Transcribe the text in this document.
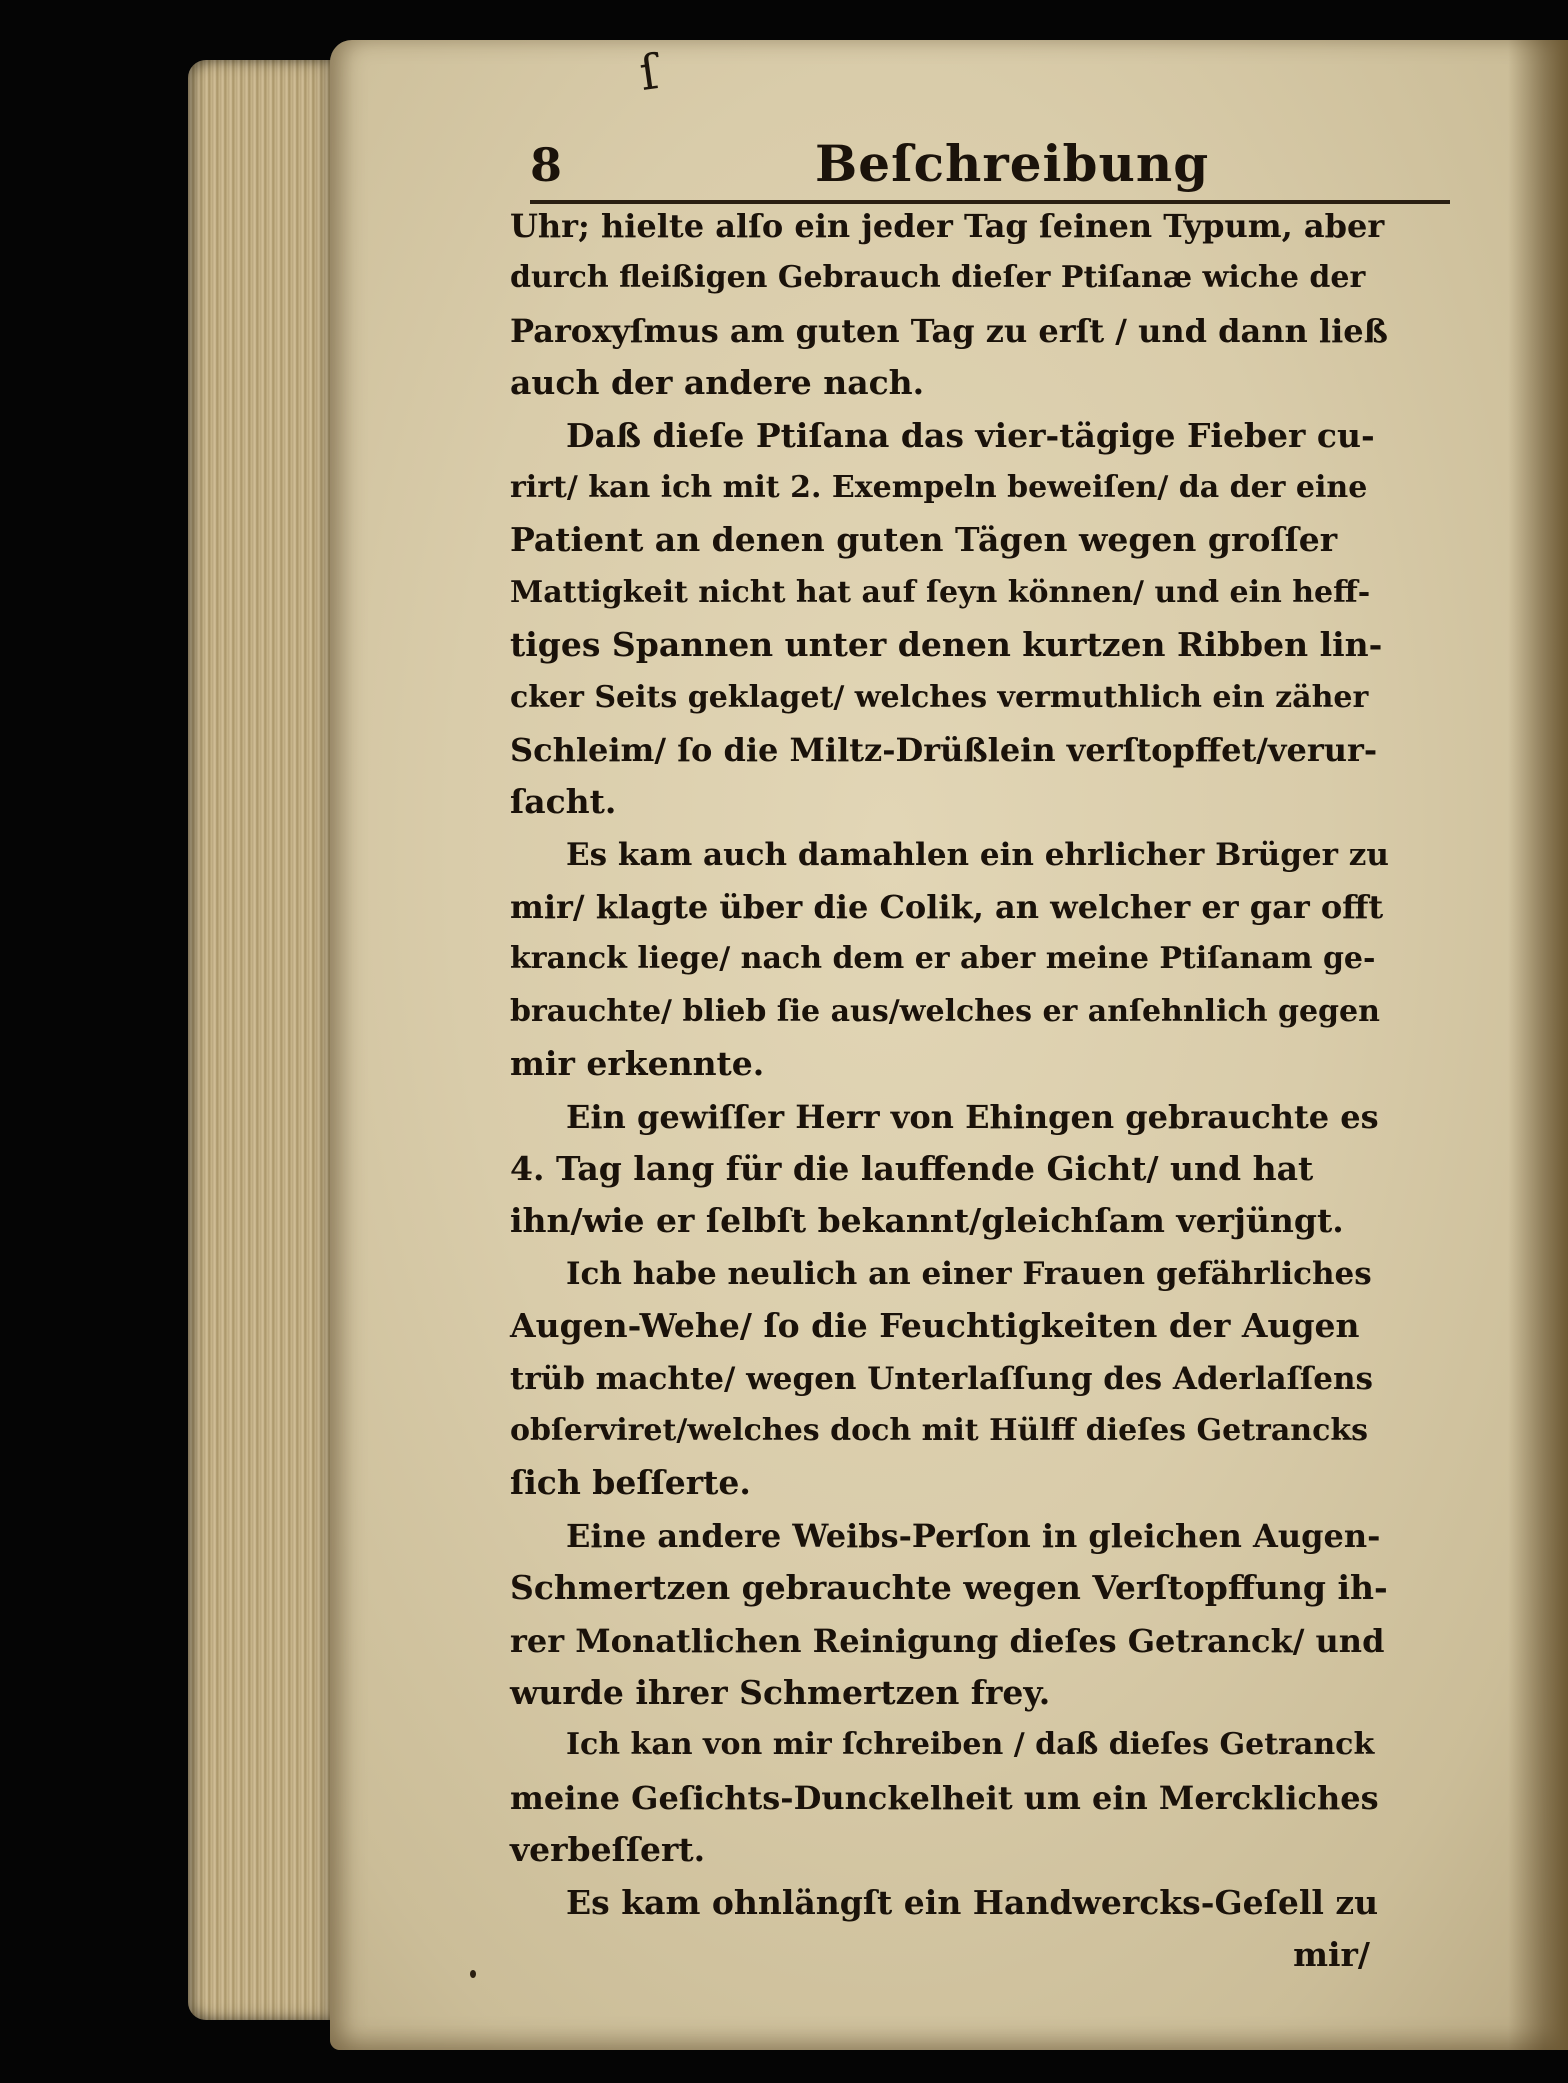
ſ
8	Beſchreibung
Uhr; hielte alſo ein jeder Tag ſeinen Typum, aber
durch fleißigen Gebrauch dieſer Ptiſanæ wiche der
Paroxyſmus am guten Tag zu erſt / und dann ließ
auch der andere nach.
Daß dieſe Ptiſana das vier-tägige Fieber cu-
rirt/ kan ich mit 2. Exempeln beweiſen/ da der eine
Patient an denen guten Tägen wegen groſſer
Mattigkeit nicht hat auf ſeyn können/ und ein heff-
tiges Spannen unter denen kurtzen Ribben lin-
cker Seits geklaget/ welches vermuthlich ein zäher
Schleim/ ſo die Miltz-Drüßlein verſtopffet/verur-
ſacht.
Es kam auch damahlen ein ehrlicher Brüger zu
mir/ klagte über die Colik, an welcher er gar offt
kranck liege/ nach dem er aber meine Ptiſanam ge-
brauchte/ blieb ſie aus/welches er anſehnlich gegen
mir erkennte.
Ein gewiſſer Herr von Ehingen gebrauchte es
4. Tag lang für die lauffende Gicht/ und hat
ihn/wie er ſelbſt bekannt/gleichſam verjüngt.
Ich habe neulich an einer Frauen gefährliches
Augen-Wehe/ ſo die Feuchtigkeiten der Augen
trüb machte/ wegen Unterlaſſung des Aderlaſſens
obſerviret/welches doch mit Hülff dieſes Getrancks
ſich beſſerte.
Eine andere Weibs-Perſon in gleichen Augen-
Schmertzen gebrauchte wegen Verſtopffung ih-
rer Monatlichen Reinigung dieſes Getranck/ und
wurde ihrer Schmertzen frey.
Ich kan von mir ſchreiben / daß dieſes Getranck
meine Geſichts-Dunckelheit um ein Merckliches
verbeſſert.
Es kam ohnlängſt ein Handwercks-Geſell zu
mir/
